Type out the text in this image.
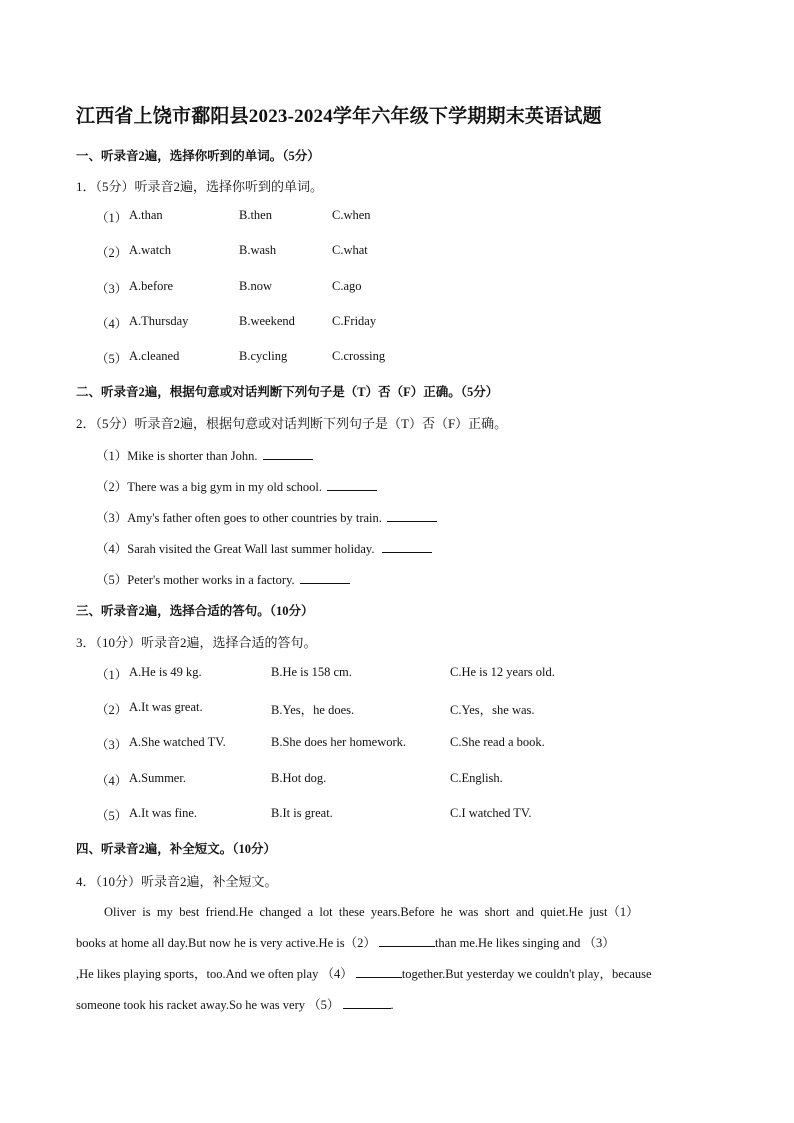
江西省上饶市鄱阳县2023-2024学年六年级下学期期末英语试题
一、听录音2遍，选择你听到的单词。（5分）
1．（5分）听录音2遍，选择你听到的单词。
（1） A.than	B.then	C.when
（2） A.watch	B.wash	C.what
（3） A.before	B.now	C.ago
（4） A.Thursday	B.weekend	C.Friday
（5） A.cleaned	B.cycling	C.crossing
二、听录音2遍，根据句意或对话判断下列句子是（T）否（F）正确。（5分）
2．（5分）听录音2遍，根据句意或对话判断下列句子是（T）否（F）正确。
（1）Mike is shorter than John.
（2）There was a big gym in my old school.
（3）Amy's father often goes to other countries by train.
（4）Sarah visited the Great Wall last summer holiday.
（5）Peter's mother works in a factory.
三、听录音2遍，选择合适的答句。（10分）
3．（10分）听录音2遍，选择合适的答句。
（1） A.He is 49 kg.	B.He is 158 cm.	C.He is 12 years old.
（2） A.It was great.	B.Yes，he does.	C.Yes，she was.
（3） A.She watched TV.	B.She does her homework.	C.She read a book.
（4） A.Summer.	B.Hot dog.	C.English.
（5） A.It was fine.	B.It is great.	C.I watched TV.
四、听录音2遍，补全短文。（10分）
4．（10分）听录音2遍，补全短文。
Oliver is my best friend.He changed a lot these years.Before he was short and quiet.He just（1）
books at home all day.But now he is very active.He is（2）	than me.He likes singing and （3）
,He likes playing sports，too.And we often play （4）	together.But yesterday we couldn't play，because
someone took his racket away.So he was very （5）	.
